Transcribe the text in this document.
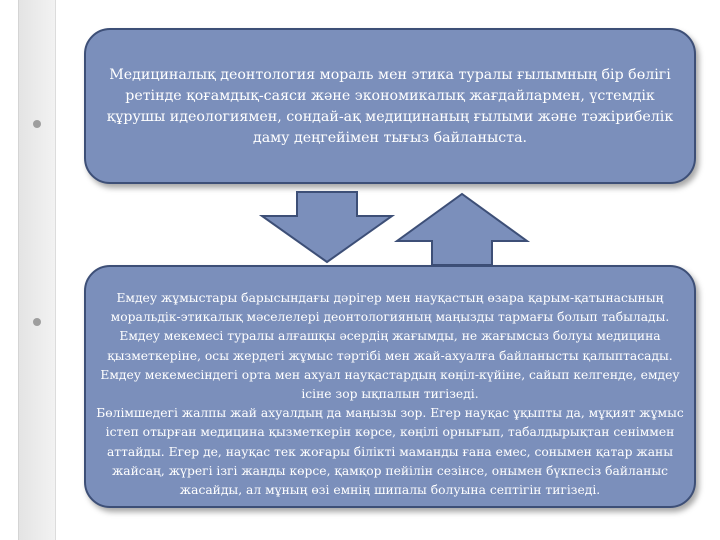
Медициналық деонтология мораль мен этика туралы ғылымның бір бөлігі ретінде қоғамдық-саяси және экономикалық жағдайлармен, үстемдік құрушы идеологиямен, сондай-ақ медицинаның ғылыми және тәжірибелік даму деңгейімен тығыз байланыста.
Емдеу жұмыстары барысындағы дәрігер мен науқастың өзара қарым-қатынасының моральдік-этикалық мәселелері деонтологияның маңызды тармағы болып табылады. Емдеу мекемесі туралы алғашқы әсердің жағымды, не жағымсыз болуы медицина қызметкеріне, осы жердегі жұмыс тәртібі мен жай-ахуалға байланысты қалыптасады. Емдеу мекемесіндегі орта мен ахуал науқастардың көңіл-күйіне, сайып келгенде, емдеу ісіне зор ықпалын тигізеді.
Бөлімшедегі жалпы жай ахуалдың да маңызы зор. Егер науқас ұқыпты да, мұқият жұмыс істеп отырған медицина қызметкерін көрсе, көңілі орнығып, табалдырықтан сеніммен аттайды. Егер де, науқас тек жоғары білікті маманды ғана емес, сонымен қатар жаны жайсаң, жүрегі ізгі жанды көрсе, қамқор пейілін сезінсе, онымен бүкпесіз байланыс жасайды, ал мұның өзі емнің шипалы болуына септігін тигізеді.
